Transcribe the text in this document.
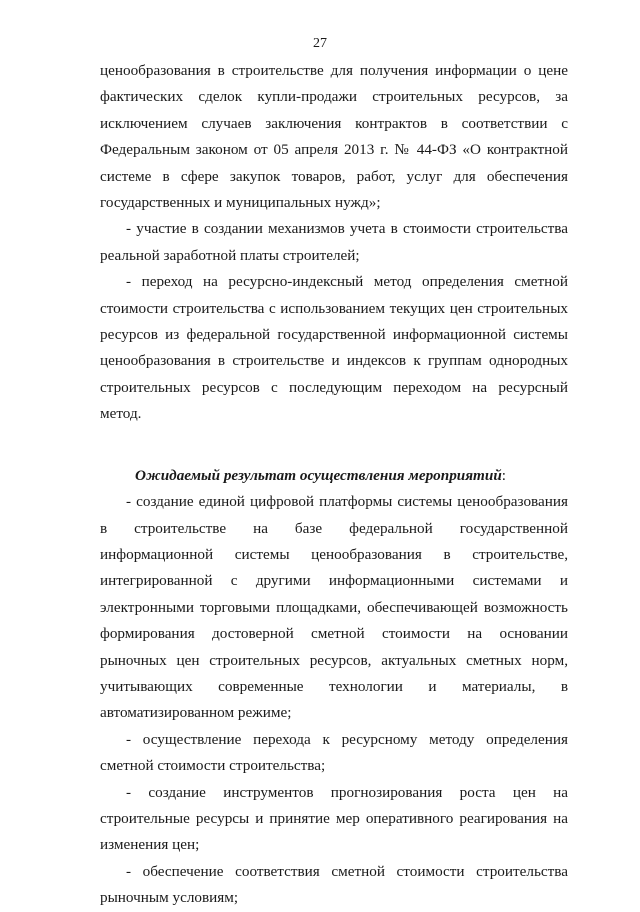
27

ценообразования в строительстве для получения информации о цене фактических сделок купли-продажи строительных ресурсов, за исключением случаев заключения контрактов в соответствии с Федеральным законом от 05 апреля 2013 г. № 44-ФЗ «О контрактной системе в сфере закупок товаров, работ, услуг для обеспечения государственных и муниципальных нужд»;

- участие в создании механизмов учета в стоимости строительства реальной заработной платы строителей;

- переход на ресурсно-индексный метод определения сметной стоимости строительства с использованием текущих цен строительных ресурсов из федеральной государственной информационной системы ценообразования в строительстве и индексов к группам однородных строительных ресурсов с последующим переходом на ресурсный метод.

Ожидаемый результат осуществления мероприятий:

- создание единой цифровой платформы системы ценообразования в строительстве на базе федеральной государственной информационной системы ценообразования в строительстве, интегрированной с другими информационными системами и электронными торговыми площадками, обеспечивающей возможность формирования достоверной сметной стоимости на основании рыночных цен строительных ресурсов, актуальных сметных норм, учитывающих современные технологии и материалы, в автоматизированном режиме;

- осуществление перехода к ресурсному методу определения сметной стоимости строительства;

- создание инструментов прогнозирования роста цен на строительные ресурсы и принятие мер оперативного реагирования на изменения цен;

- обеспечение соответствия сметной стоимости строительства рыночным условиям;
